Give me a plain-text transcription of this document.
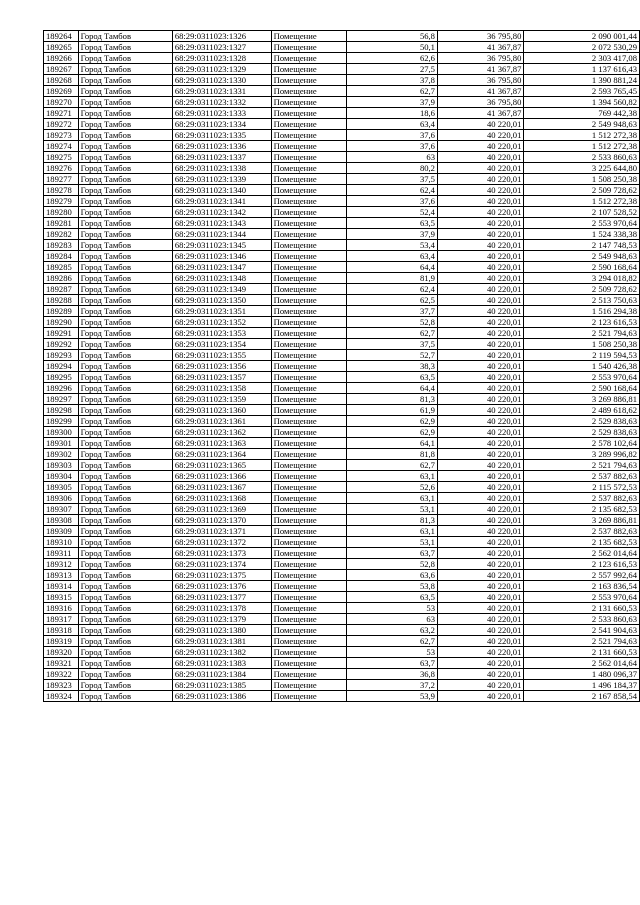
189264	Город Тамбов	68:29:0311023:1326	Помещение	56,8	36 795,80	2 090 001,44
189265	Город Тамбов	68:29:0311023:1327	Помещение	50,1	41 367,87	2 072 530,29
189266	Город Тамбов	68:29:0311023:1328	Помещение	62,6	36 795,80	2 303 417,08
189267	Город Тамбов	68:29:0311023:1329	Помещение	27,5	41 367,87	1 137 616,43
189268	Город Тамбов	68:29:0311023:1330	Помещение	37,8	36 795,80	1 390 881,24
189269	Город Тамбов	68:29:0311023:1331	Помещение	62,7	41 367,87	2 593 765,45
189270	Город Тамбов	68:29:0311023:1332	Помещение	37,9	36 795,80	1 394 560,82
189271	Город Тамбов	68:29:0311023:1333	Помещение	18,6	41 367,87	769 442,38
189272	Город Тамбов	68:29:0311023:1334	Помещение	63,4	40 220,01	2 549 948,63
189273	Город Тамбов	68:29:0311023:1335	Помещение	37,6	40 220,01	1 512 272,38
189274	Город Тамбов	68:29:0311023:1336	Помещение	37,6	40 220,01	1 512 272,38
189275	Город Тамбов	68:29:0311023:1337	Помещение	63	40 220,01	2 533 860,63
189276	Город Тамбов	68:29:0311023:1338	Помещение	80,2	40 220,01	3 225 644,80
189277	Город Тамбов	68:29:0311023:1339	Помещение	37,5	40 220,01	1 508 250,38
189278	Город Тамбов	68:29:0311023:1340	Помещение	62,4	40 220,01	2 509 728,62
189279	Город Тамбов	68:29:0311023:1341	Помещение	37,6	40 220,01	1 512 272,38
189280	Город Тамбов	68:29:0311023:1342	Помещение	52,4	40 220,01	2 107 528,52
189281	Город Тамбов	68:29:0311023:1343	Помещение	63,5	40 220,01	2 553 970,64
189282	Город Тамбов	68:29:0311023:1344	Помещение	37,9	40 220,01	1 524 338,38
189283	Город Тамбов	68:29:0311023:1345	Помещение	53,4	40 220,01	2 147 748,53
189284	Город Тамбов	68:29:0311023:1346	Помещение	63,4	40 220,01	2 549 948,63
189285	Город Тамбов	68:29:0311023:1347	Помещение	64,4	40 220,01	2 590 168,64
189286	Город Тамбов	68:29:0311023:1348	Помещение	81,9	40 220,01	3 294 018,82
189287	Город Тамбов	68:29:0311023:1349	Помещение	62,4	40 220,01	2 509 728,62
189288	Город Тамбов	68:29:0311023:1350	Помещение	62,5	40 220,01	2 513 750,63
189289	Город Тамбов	68:29:0311023:1351	Помещение	37,7	40 220,01	1 516 294,38
189290	Город Тамбов	68:29:0311023:1352	Помещение	52,8	40 220,01	2 123 616,53
189291	Город Тамбов	68:29:0311023:1353	Помещение	62,7	40 220,01	2 521 794,63
189292	Город Тамбов	68:29:0311023:1354	Помещение	37,5	40 220,01	1 508 250,38
189293	Город Тамбов	68:29:0311023:1355	Помещение	52,7	40 220,01	2 119 594,53
189294	Город Тамбов	68:29:0311023:1356	Помещение	38,3	40 220,01	1 540 426,38
189295	Город Тамбов	68:29:0311023:1357	Помещение	63,5	40 220,01	2 553 970,64
189296	Город Тамбов	68:29:0311023:1358	Помещение	64,4	40 220,01	2 590 168,64
189297	Город Тамбов	68:29:0311023:1359	Помещение	81,3	40 220,01	3 269 886,81
189298	Город Тамбов	68:29:0311023:1360	Помещение	61,9	40 220,01	2 489 618,62
189299	Город Тамбов	68:29:0311023:1361	Помещение	62,9	40 220,01	2 529 838,63
189300	Город Тамбов	68:29:0311023:1362	Помещение	62,9	40 220,01	2 529 838,63
189301	Город Тамбов	68:29:0311023:1363	Помещение	64,1	40 220,01	2 578 102,64
189302	Город Тамбов	68:29:0311023:1364	Помещение	81,8	40 220,01	3 289 996,82
189303	Город Тамбов	68:29:0311023:1365	Помещение	62,7	40 220,01	2 521 794,63
189304	Город Тамбов	68:29:0311023:1366	Помещение	63,1	40 220,01	2 537 882,63
189305	Город Тамбов	68:29:0311023:1367	Помещение	52,6	40 220,01	2 115 572,53
189306	Город Тамбов	68:29:0311023:1368	Помещение	63,1	40 220,01	2 537 882,63
189307	Город Тамбов	68:29:0311023:1369	Помещение	53,1	40 220,01	2 135 682,53
189308	Город Тамбов	68:29:0311023:1370	Помещение	81,3	40 220,01	3 269 886,81
189309	Город Тамбов	68:29:0311023:1371	Помещение	63,1	40 220,01	2 537 882,63
189310	Город Тамбов	68:29:0311023:1372	Помещение	53,1	40 220,01	2 135 682,53
189311	Город Тамбов	68:29:0311023:1373	Помещение	63,7	40 220,01	2 562 014,64
189312	Город Тамбов	68:29:0311023:1374	Помещение	52,8	40 220,01	2 123 616,53
189313	Город Тамбов	68:29:0311023:1375	Помещение	63,6	40 220,01	2 557 992,64
189314	Город Тамбов	68:29:0311023:1376	Помещение	53,8	40 220,01	2 163 836,54
189315	Город Тамбов	68:29:0311023:1377	Помещение	63,5	40 220,01	2 553 970,64
189316	Город Тамбов	68:29:0311023:1378	Помещение	53	40 220,01	2 131 660,53
189317	Город Тамбов	68:29:0311023:1379	Помещение	63	40 220,01	2 533 860,63
189318	Город Тамбов	68:29:0311023:1380	Помещение	63,2	40 220,01	2 541 904,63
189319	Город Тамбов	68:29:0311023:1381	Помещение	62,7	40 220,01	2 521 794,63
189320	Город Тамбов	68:29:0311023:1382	Помещение	53	40 220,01	2 131 660,53
189321	Город Тамбов	68:29:0311023:1383	Помещение	63,7	40 220,01	2 562 014,64
189322	Город Тамбов	68:29:0311023:1384	Помещение	36,8	40 220,01	1 480 096,37
189323	Город Тамбов	68:29:0311023:1385	Помещение	37,2	40 220,01	1 496 184,37
189324	Город Тамбов	68:29:0311023:1386	Помещение	53,9	40 220,01	2 167 858,54
